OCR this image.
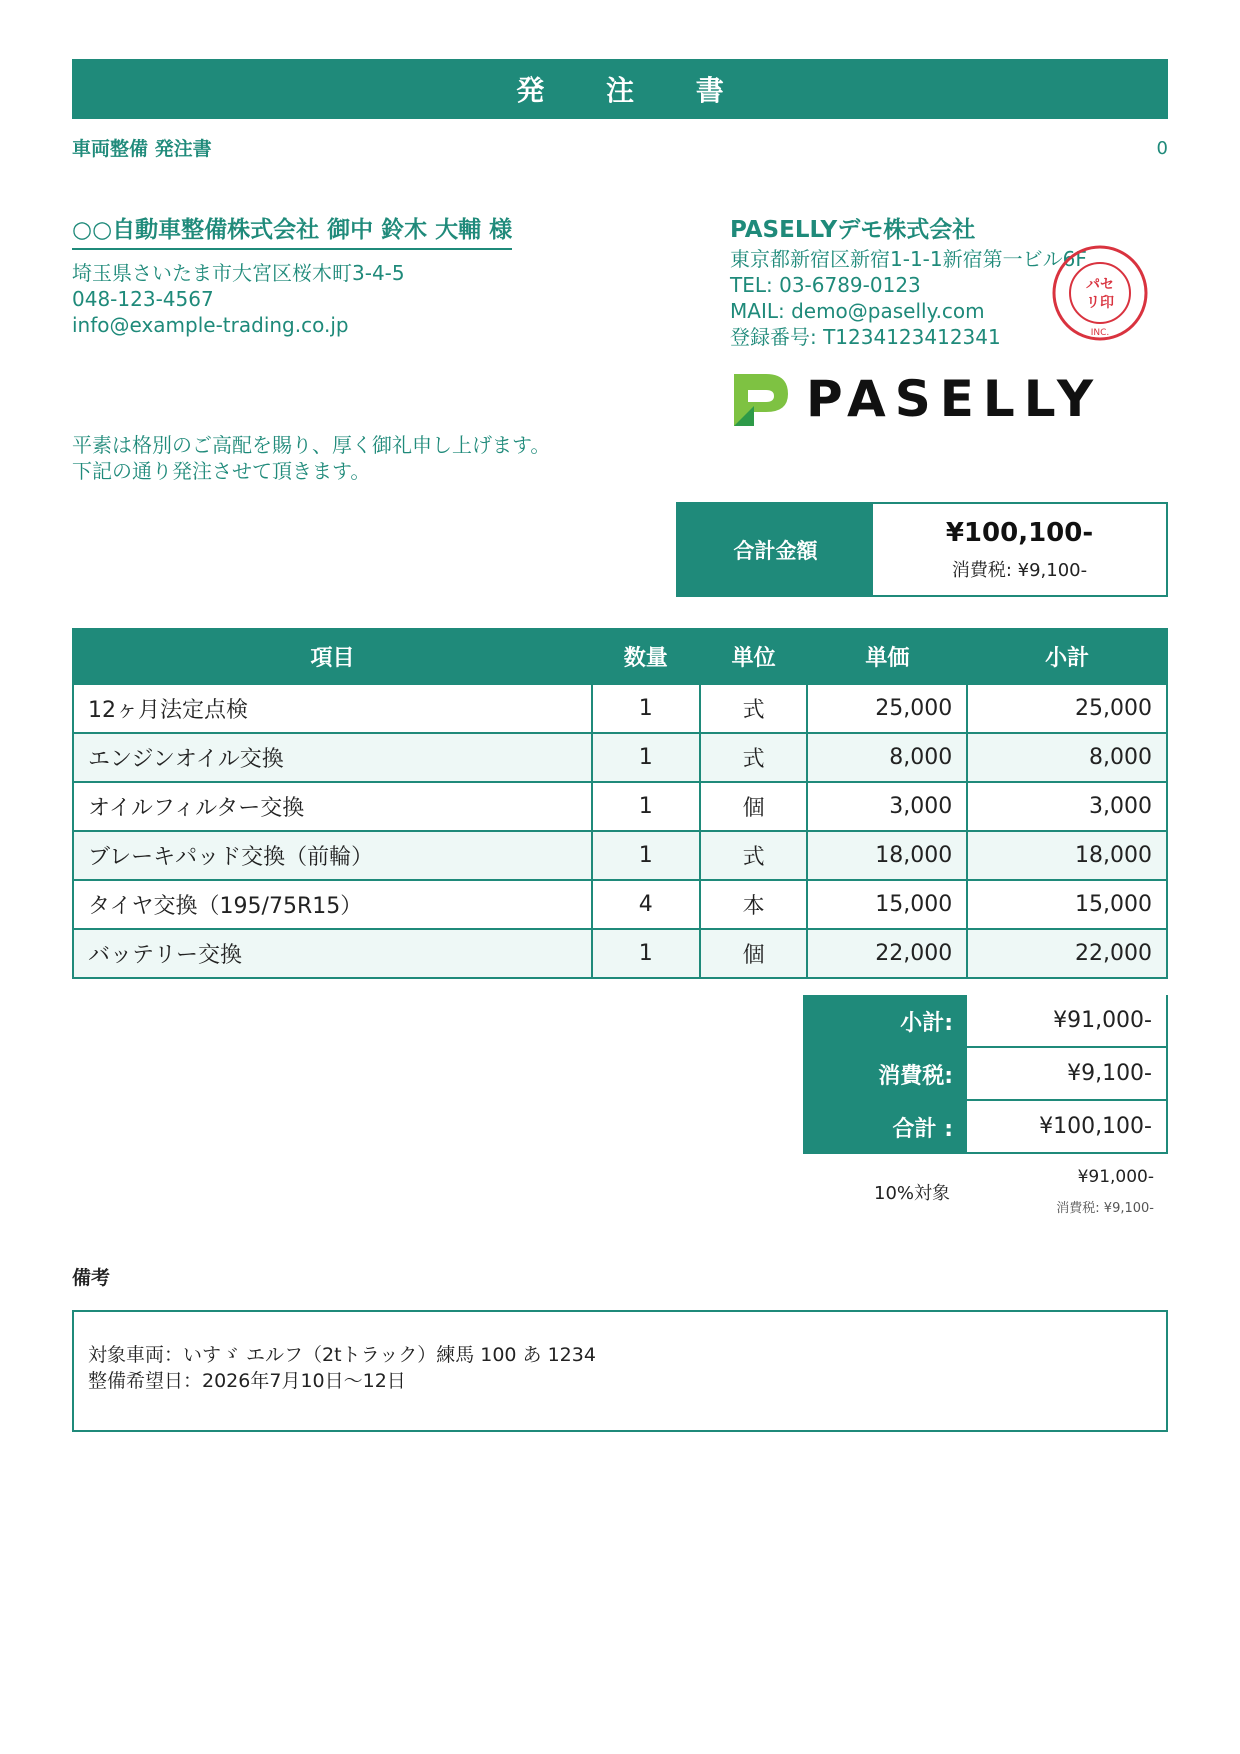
発 注 書
車両整備 発注書	0
○○自動車整備株式会社 御中 鈴木 大輔 様
埼玉県さいたま市大宮区桜木町3-4-5
048-123-4567
info@example-trading.co.jp
PASELLYデモ株式会社
東京都新宿区新宿1-1-1新宿第一ビル6F
TEL: 03-6789-0123
MAIL: demo@paselly.com
登録番号: T1234123412341
パセ
リ印
INC.
PASELLY
平素は格別のご高配を賜り、厚く御礼申し上げます。
下記の通り発注させて頂きます。
合計金額
¥100,100-
消費税: ¥9,100-
項目	数量	単位	単価	小計
12ヶ月法定点検	1	式	25,000	25,000
エンジンオイル交換	1	式	8,000	8,000
オイルフィルター交換	1	個	3,000	3,000
ブレーキパッド交換（前輪）	1	式	18,000	18,000
タイヤ交換（195/75R15）	4	本	15,000	15,000
バッテリー交換	1	個	22,000	22,000
小計:	¥91,000-
消費税:	¥9,100-
合計 :	¥100,100-
10%対象
¥91,000-
消費税: ¥9,100-
備考
対象車両：いすゞ エルフ（2tトラック）練馬 100 あ 1234
整備希望日：2026年7月10日〜12日
